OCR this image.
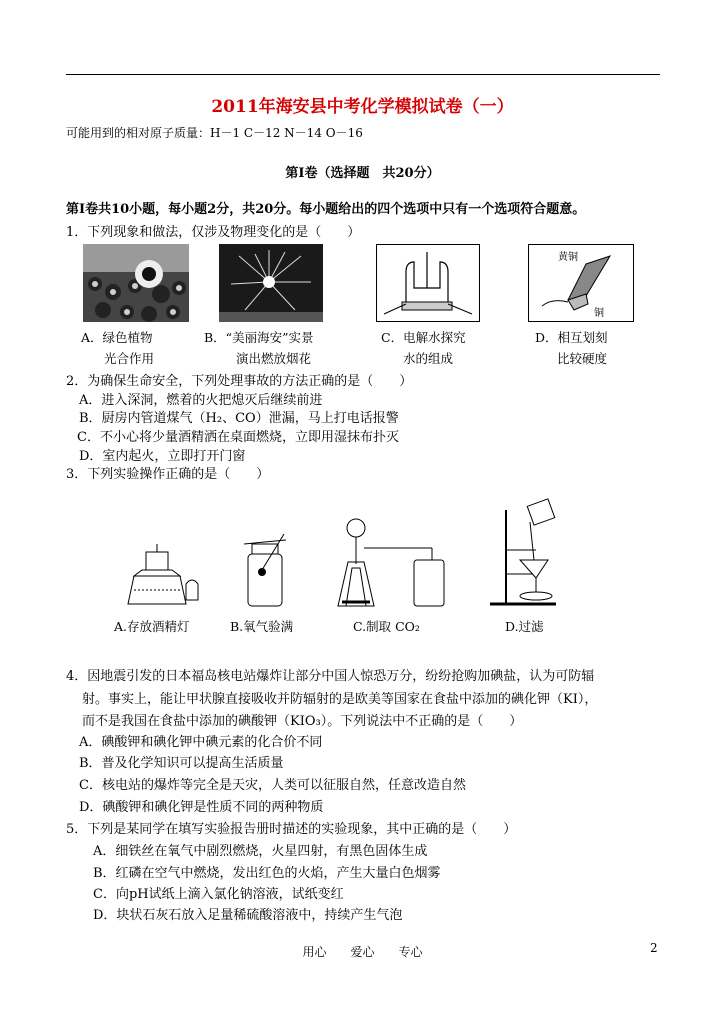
2011年海安县中考化学模拟试卷（一）
可能用到的相对原子质量：H－1 C－12 N－14 O－16
第Ⅰ卷（选择题　共20分）
第Ⅰ卷共10小题，每小题2分，共20分。每小题给出的四个选项中只有一个选项符合题意。
1．下列现象和做法，仅涉及物理变化的是（　　）
黄铜
铜
A．绿色植物
光合作用
B．“美丽海安”实景
演出燃放烟花
C．电解水探究
水的组成
D．相互划刻
比较硬度
2．为确保生命安全，下列处理事故的方法正确的是（　　）
A．进入深洞，燃着的火把熄灭后继续前进
B．厨房内管道煤气（H₂、CO）泄漏，马上打电话报警
C．不小心将少量酒精洒在桌面燃烧，立即用湿抹布扑灭
D．室内起火，立即打开门窗
3．下列实验操作正确的是（　　）
A.存放酒精灯	B.氧气验满	C.制取 CO₂	D.过滤
4．因地震引发的日本福岛核电站爆炸让部分中国人惊恐万分，纷纷抢购加碘盐，认为可防辐
射。事实上，能让甲状腺直接吸收并防辐射的是欧美等国家在食盐中添加的碘化钾（KI），
而不是我国在食盐中添加的碘酸钾（KIO₃）。下列说法中不正确的是（　　）
A．碘酸钾和碘化钾中碘元素的化合价不同
B．普及化学知识可以提高生活质量
C．核电站的爆炸等完全是天灾，人类可以征服自然，任意改造自然
D．碘酸钾和碘化钾是性质不同的两种物质
5．下列是某同学在填写实验报告册时描述的实验现象，其中正确的是（　　）
A．细铁丝在氧气中剧烈燃烧，火星四射，有黑色固体生成
B．红磷在空气中燃烧，发出红色的火焰，产生大量白色烟雾
C．向pH试纸上滴入氯化钠溶液，试纸变红
D．块状石灰石放入足量稀硫酸溶液中，持续产生气泡
用心　　爱心　　专心	2
